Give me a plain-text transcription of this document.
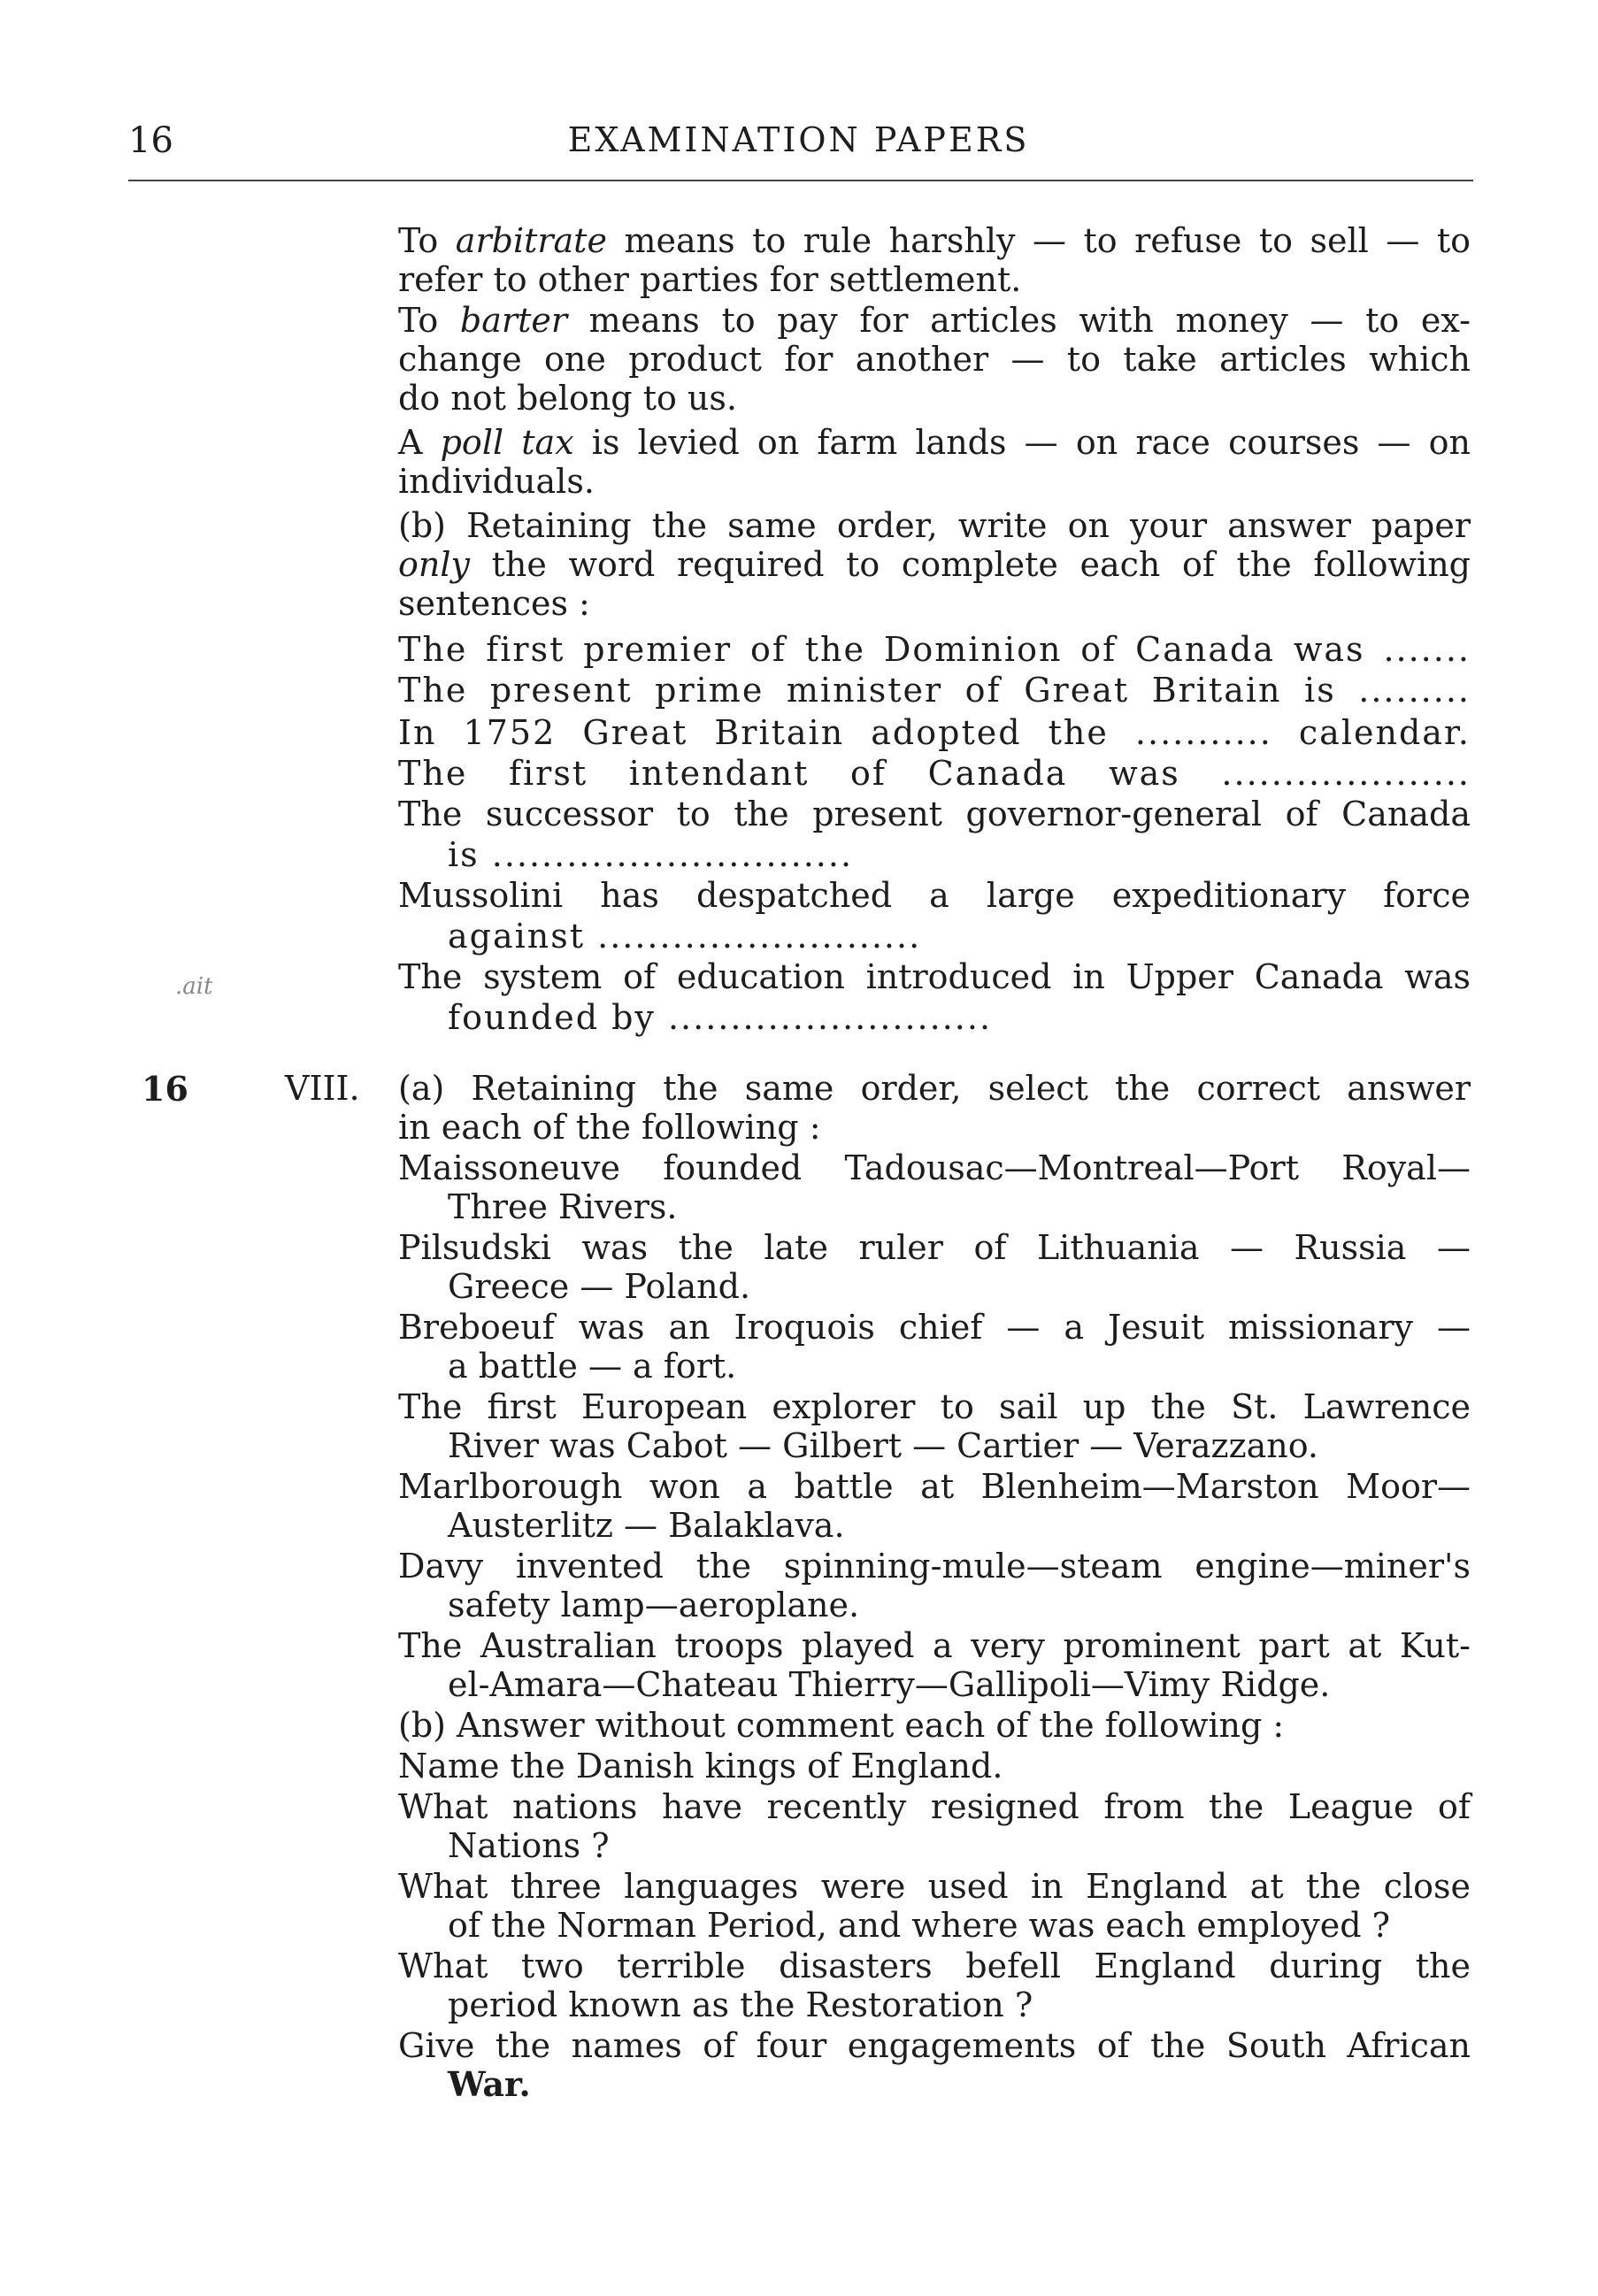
16	EXAMINATION PAPERS
.ait
To arbitrate means to rule harshly — to refuse to sell — to
refer to other parties for settlement.
To barter means to pay for articles with money — to ex-
change one product for another — to take articles which
do not belong to us.
A poll tax is levied on farm lands — on race courses — on
individuals.
(b) Retaining the same order, write on your answer paper
only the word required to complete each of the following
sentences :
The first premier of the Dominion of Canada was .......
The present prime minister of Great Britain is .........
In 1752 Great Britain adopted the ........... calendar.
The first intendant of Canada was ....................
The successor to the present governor-general of Canada
is .............................
Mussolini has despatched a large expeditionary force
against ..........................
The system of education introduced in Upper Canada was
founded by ..........................
16	VIII. (a) Retaining the same order, select the correct answer
in each of the following :
Maissoneuve founded Tadousac—Montreal—Port Royal—
Three Rivers.
Pilsudski was the late ruler of Lithuania — Russia —
Greece — Poland.
Breboeuf was an Iroquois chief — a Jesuit missionary —
a battle — a fort.
The first European explorer to sail up the St. Lawrence
River was Cabot — Gilbert — Cartier — Verazzano.
Marlborough won a battle at Blenheim—Marston Moor—
Austerlitz — Balaklava.
Davy invented the spinning-mule—steam engine—miner's
safety lamp—aeroplane.
The Australian troops played a very prominent part at Kut-
el-Amara—Chateau Thierry—Gallipoli—Vimy Ridge.
(b) Answer without comment each of the following :
Name the Danish kings of England.
What nations have recently resigned from the League of
Nations ?
What three languages were used in England at the close
of the Norman Period, and where was each employed ?
What two terrible disasters befell England during the
period known as the Restoration ?
Give the names of four engagements of the South African
War.
